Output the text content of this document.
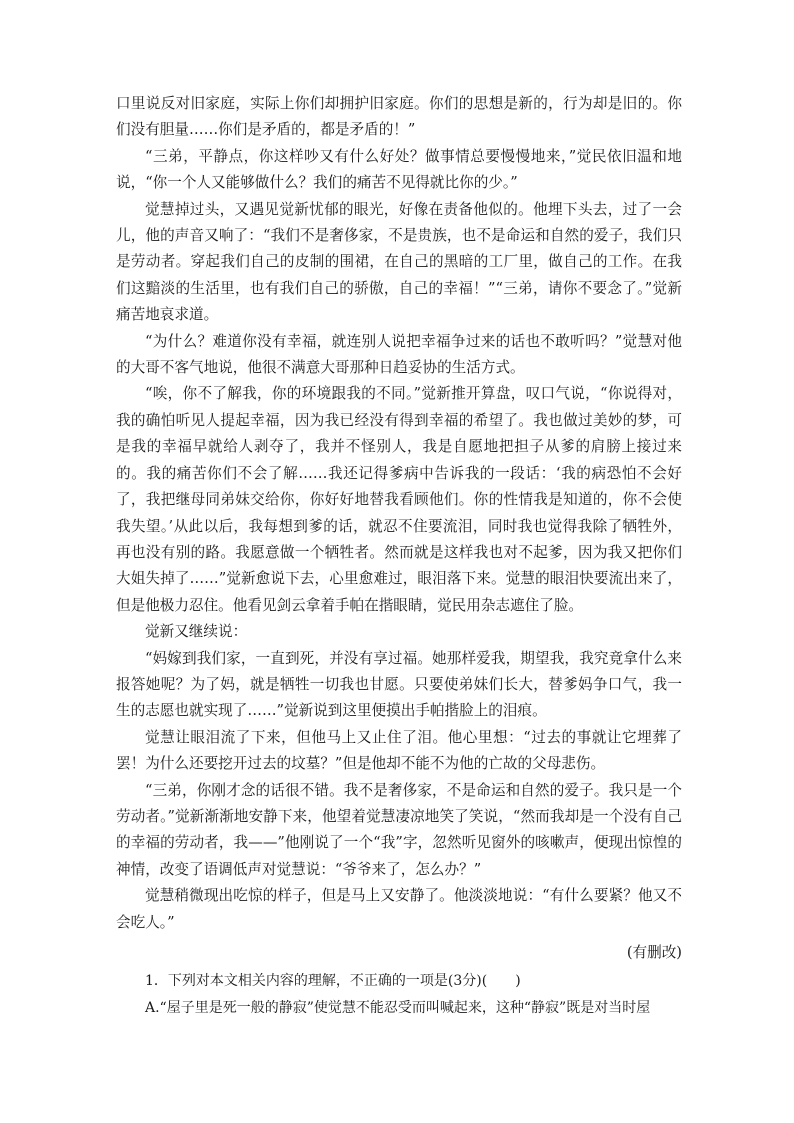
口里说反对旧家庭，实际上你们却拥护旧家庭。你们的思想是新的，行为却是旧的。你们没有胆量……你们是矛盾的，都是矛盾的！”

“三弟，平静点，你这样吵又有什么好处？做事情总要慢慢地来，”觉民依旧温和地说，“你一个人又能够做什么？我们的痛苦不见得就比你的少。”

觉慧掉过头，又遇见觉新忧郁的眼光，好像在责备他似的。他埋下头去，过了一会儿，他的声音又响了：“我们不是奢侈家，不是贵族，也不是命运和自然的爱子，我们只是劳动者。穿起我们自己的皮制的围裙，在自己的黑暗的工厂里，做自己的工作。在我们这黯淡的生活里，也有我们自己的骄傲，自己的幸福！”“三弟，请你不要念了。”觉新痛苦地哀求道。

“为什么？难道你没有幸福，就连别人说把幸福争过来的话也不敢听吗？”觉慧对他的大哥不客气地说，他很不满意大哥那种日趋妥协的生活方式。

“唉，你不了解我，你的环境跟我的不同。”觉新推开算盘，叹口气说，“你说得对，我的确怕听见人提起幸福，因为我已经没有得到幸福的希望了。我也做过美妙的梦，可是我的幸福早就给人剥夺了，我并不怪别人，我是自愿地把担子从爹的肩膀上接过来的。我的痛苦你们不会了解……我还记得爹病中告诉我的一段话：‘我的病恐怕不会好了，我把继母同弟妹交给你，你好好地替我看顾他们。你的性情我是知道的，你不会使我失望。’从此以后，我每想到爹的话，就忍不住要流泪，同时我也觉得我除了牺牲外，再也没有别的路。我愿意做一个牺牲者。然而就是这样我也对不起爹，因为我又把你们大姐失掉了……”觉新愈说下去，心里愈难过，眼泪落下来。觉慧的眼泪快要流出来了，但是他极力忍住。他看见剑云拿着手帕在揩眼睛，觉民用杂志遮住了脸。

觉新又继续说：

“妈嫁到我们家，一直到死，并没有享过福。她那样爱我，期望我，我究竟拿什么来报答她呢？为了妈，就是牺牲一切我也甘愿。只要使弟妹们长大，替爹妈争口气，我一生的志愿也就实现了……”觉新说到这里便摸出手帕揩脸上的泪痕。

觉慧让眼泪流了下来，但他马上又止住了泪。他心里想：“过去的事就让它埋葬了罢！为什么还要挖开过去的坟墓？”但是他却不能不为他的亡故的父母悲伤。

“三弟，你刚才念的话很不错。我不是奢侈家，不是命运和自然的爱子。我只是一个劳动者。”觉新渐渐地安静下来，他望着觉慧凄凉地笑了笑说，“然而我却是一个没有自己的幸福的劳动者，我——”他刚说了一个“我”字，忽然听见窗外的咳嗽声，便现出惊惶的神情，改变了语调低声对觉慧说：“爷爷来了，怎么办？”

觉慧稍微现出吃惊的样子，但是马上又安静了。他淡淡地说：“有什么要紧？他又不会吃人。”

(有删改)

1．下列对本文相关内容的理解，不正确的一项是(3分)(　　)

A.“屋子里是死一般的静寂”使觉慧不能忍受而叫喊起来，这种“静寂”既是对当时屋
